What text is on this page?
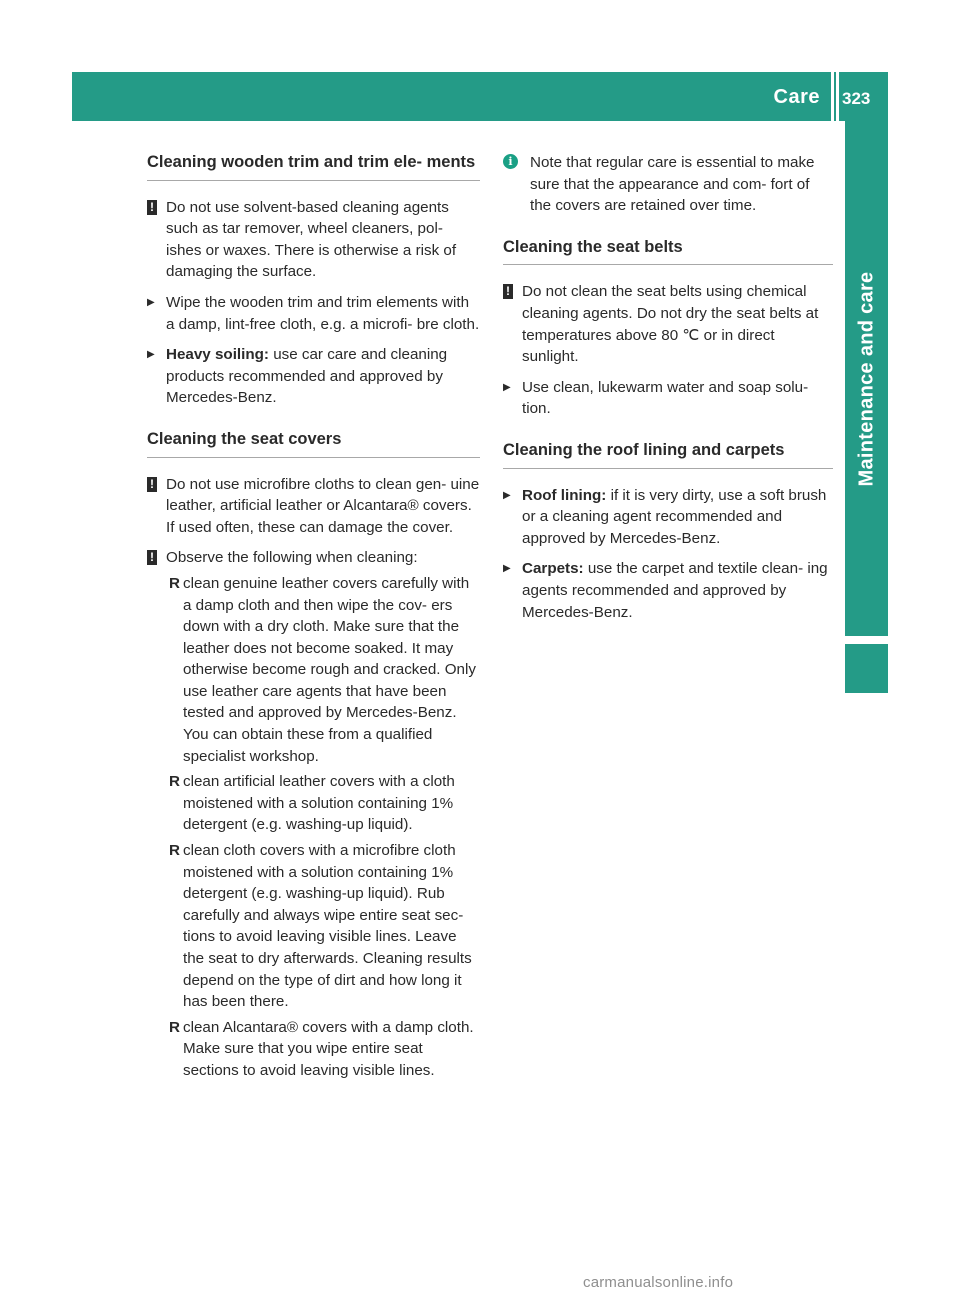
Care 323
Maintenance and care
Cleaning wooden trim and trim ele- ments
! Do not use solvent-based cleaning agents such as tar remover, wheel cleaners, pol- ishes or waxes. There is otherwise a risk of damaging the surface.
▶
Wipe the wooden trim and trim elements with a damp, lint-free cloth, e.g. a microfi- bre cloth.
▶
Heavy soiling: use car care and cleaning products recommended and approved by Mercedes-Benz.
Cleaning the seat covers
! Do not use microfibre cloths to clean gen- uine leather, artificial leather or Alcantara® covers. If used often, these can damage the cover.
! Observe the following when cleaning:
R clean genuine leather covers carefully with a damp cloth and then wipe the cov- ers down with a dry cloth. Make sure that the leather does not become soaked. It may otherwise become rough and cracked. Only use leather care agents that have been tested and approved by Mercedes-Benz. You can obtain these from a qualified specialist workshop.
R clean artificial leather covers with a cloth moistened with a solution containing 1% detergent (e.g. washing-up liquid).
R clean cloth covers with a microfibre cloth moistened with a solution containing 1% detergent (e.g. washing-up liquid). Rub carefully and always wipe entire seat sec- tions to avoid leaving visible lines. Leave the seat to dry afterwards. Cleaning results depend on the type of dirt and how long it has been there.
R clean Alcantara® covers with a damp cloth. Make sure that you wipe entire seat sections to avoid leaving visible lines.
i	Note that regular care is essential to make sure that the appearance and com- fort of the covers are retained over time.
Cleaning the seat belts
! Do not clean the seat belts using chemical cleaning agents. Do not dry the seat belts at temperatures above 80 ℃ or in direct sunlight.
▶
Use clean, lukewarm water and soap solu- tion.
Cleaning the roof lining and carpets
▶
Roof lining: if it is very dirty, use a soft brush or a cleaning agent recommended and approved by Mercedes-Benz.
▶
Carpets: use the carpet and textile clean- ing agents recommended and approved by Mercedes-Benz.
carmanualsonline.info
